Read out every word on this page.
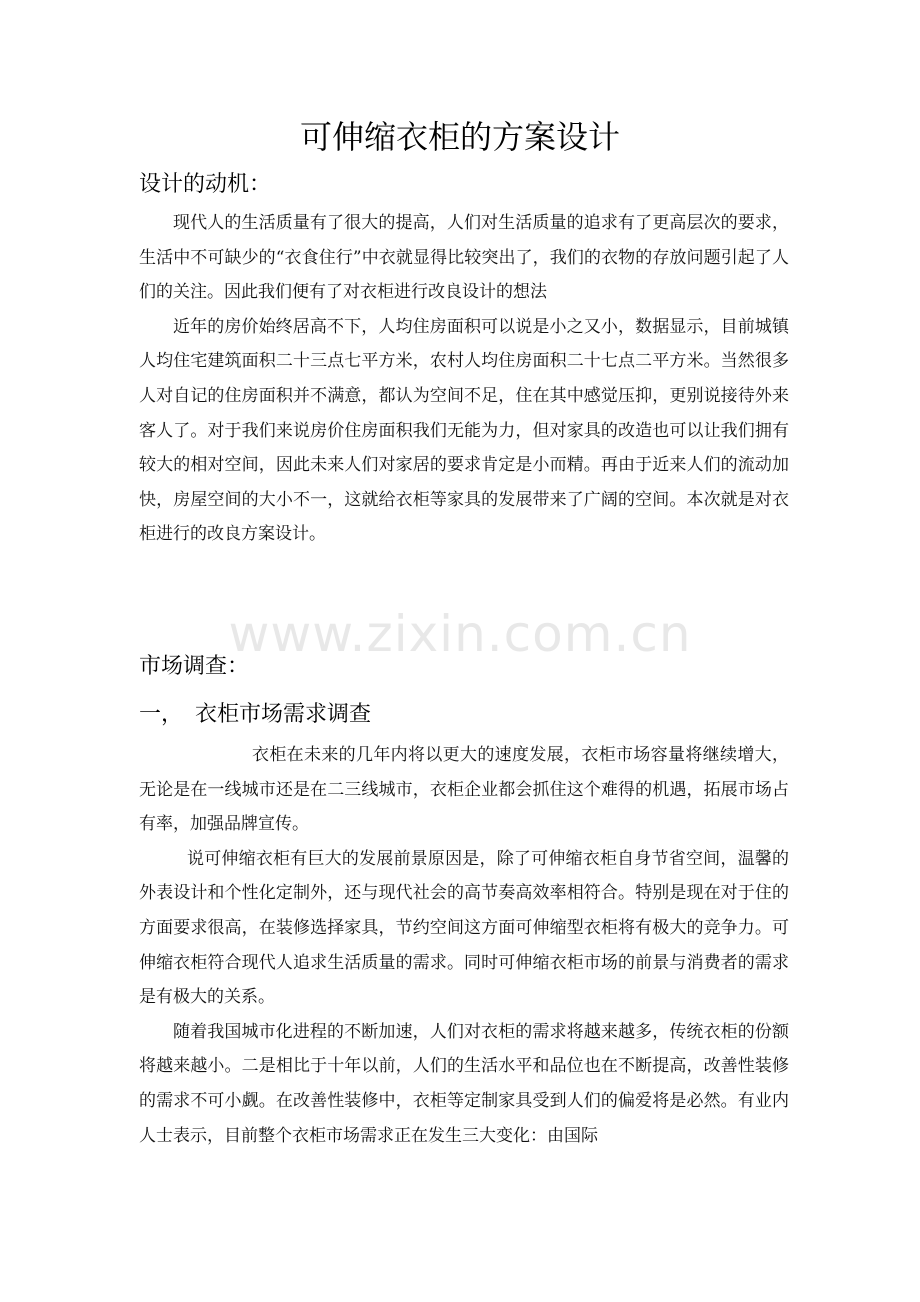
可伸缩衣柜的方案设计
设计的动机：

现代人的生活质量有了很大的提高，人们对生活质量的追求有了更高层次的要求，生活中不可缺少的“衣食住行”中衣就显得比较突出了，我们的衣物的存放问题引起了人们的关注。因此我们便有了对衣柜进行改良设计的想法

近年的房价始终居高不下，人均住房面积可以说是小之又小，数据显示，目前城镇人均住宅建筑面积二十三点七平方米，农村人均住房面积二十七点二平方米。当然很多人对自记的住房面积并不满意，都认为空间不足，住在其中感觉压抑，更别说接待外来客人了。对于我们来说房价住房面积我们无能为力，但对家具的改造也可以让我们拥有较大的相对空间，因此未来人们对家居的要求肯定是小而精。再由于近来人们的流动加快，房屋空间的大小不一，这就给衣柜等家具的发展带来了广阔的空间。本次就是对衣柜进行的改良方案设计。

www.zixin.com.cn
市场调查：
一， 衣柜市场需求调查

衣柜在未来的几年内将以更大的速度发展，衣柜市场容量将继续增大，无论是在一线城市还是在二三线城市，衣柜企业都会抓住这个难得的机遇，拓展市场占有率，加强品牌宣传。

说可伸缩衣柜有巨大的发展前景原因是，除了可伸缩衣柜自身节省空间，温馨的外表设计和个性化定制外，还与现代社会的高节奏高效率相符合。特别是现在对于住的方面要求很高，在装修选择家具，节约空间这方面可伸缩型衣柜将有极大的竞争力。可伸缩衣柜符合现代人追求生活质量的需求。同时可伸缩衣柜市场的前景与消费者的需求是有极大的关系。

随着我国城市化进程的不断加速，人们对衣柜的需求将越来越多，传统衣柜的份额将越来越小。二是相比于十年以前，人们的生活水平和品位也在不断提高，改善性装修的需求不可小觑。在改善性装修中，衣柜等定制家具受到人们的偏爱将是必然。有业内人士表示，目前整个衣柜市场需求正在发生三大变化：由国际
